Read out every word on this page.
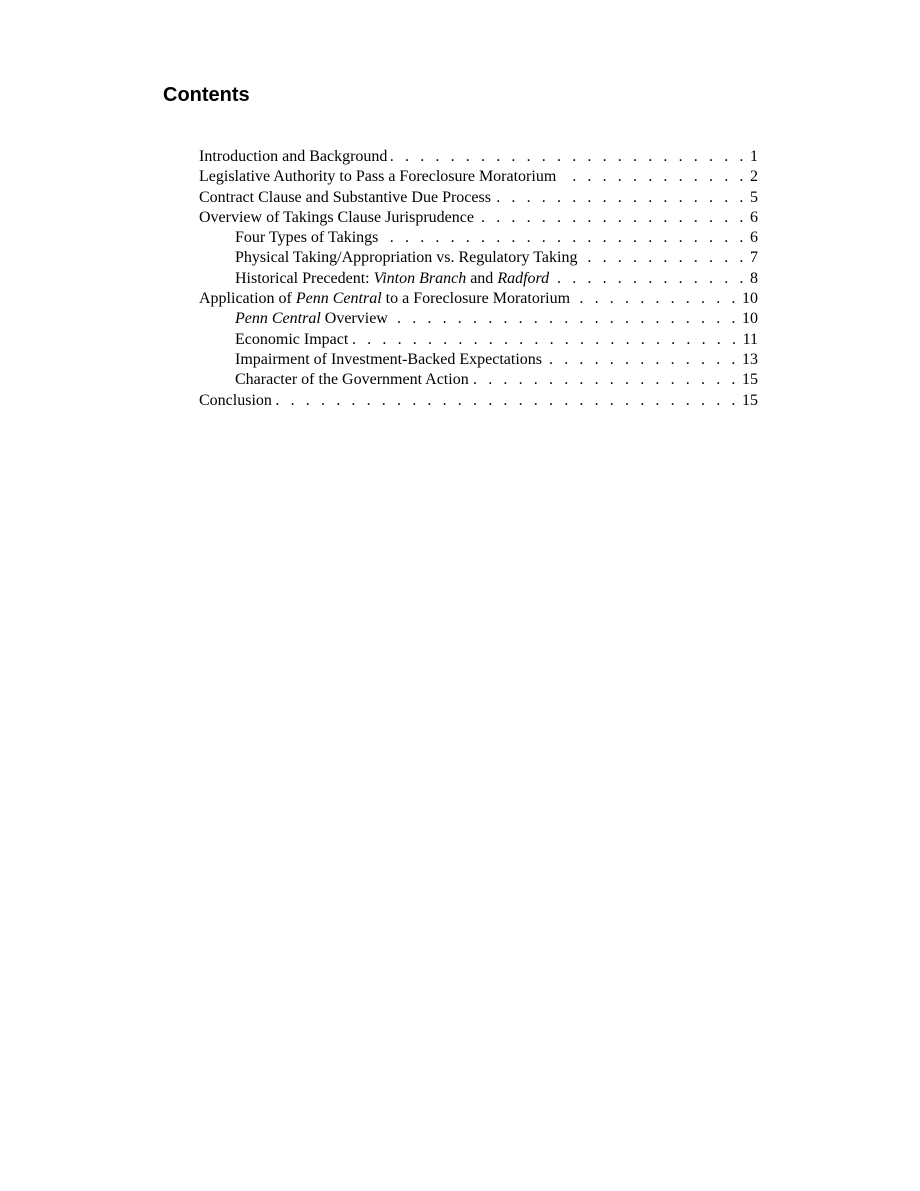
Contents
Introduction and Background . . .	1
Legislative Authority to Pass a Foreclosure Moratorium . . .	2
Contract Clause and Substantive Due Process . . .	5
Overview of Takings Clause Jurisprudence . . .	6
Four Types of Takings . . .	6
Physical Taking/Appropriation vs. Regulatory Taking . . .	7
Historical Precedent: Vinton Branch and Radford . . .	8
Application of Penn Central to a Foreclosure Moratorium . . .	10
Penn Central Overview . . .	10
Economic Impact . . .	11
Impairment of Investment-Backed Expectations . . .	13
Character of the Government Action . . .	15
Conclusion . . .	15
